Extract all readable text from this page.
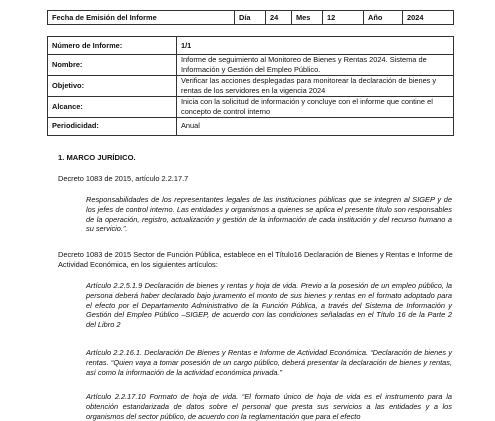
Fecha de Emisión del Informe	Día	24	Mes	12	Año	2024
Número de Informe:	1/1
Nombre:	Informe de seguimiento al Monitoreo de Bienes y Rentas 2024. Sistema de Información y Gestión del Empleo Público.
Objetivo:	Verificar las acciones desplegadas para monitorear la declaración de bienes y rentas de los servidores en la vigencia 2024
Alcance:	Inicia con la solicitud de información y concluye con el informe que contine el concepto de control interno
Periodicidad:	Anual
1. MARCO JURÍDICO.
Decreto 1083 de 2015, artículo 2.2.17.7
Responsabilidades de los representantes legales de las instituciones públicas que se integren al SIGEP y de los jefes de control interno. Las entidades y organismos a quienes se aplica el presente título son responsables de la operación, registro, actualización y gestión de la información de cada institución y del recurso humano a su servicio.”.
Decreto 1083 de 2015 Sector de Función Pública, establece en el Título16 Declaración de Bienes y Rentas e Informe de Actividad Económica, en los siguientes artículos:
Artículo 2.2.5.1.9 Declaración de bienes y rentas y hoja de vida. Previo a la posesión de un empleo público, la persona deberá haber declarado bajo juramento el monto de sus bienes y rentas en el formato adoptado para el efecto por el Departamento Administrativo de la Función Pública, a través del Sistema de Información y Gestión del Empleo Público –SIGEP, de acuerdo con las condiciones señaladas en el Título 16 de la Parte 2 del Libro 2
Artículo 2.2.16.1. Declaración De Bienes y Rentas e Informe de Actividad Económica. “Declaración de bienes y rentas. “Quien vaya a tomar posesión de un cargo público, deberá presentar la declaración de bienes y rentas, así como la información de la actividad económica privada.”
Artículo 2.2.17.10 Formato de hoja de vida. “El formato único de hoja de vida es el instrumento para la obtención estandarizada de datos sobre el personal que presta sus servicios a las entidades y a los organismos del sector público, de acuerdo con la reglamentación que para el efecto
